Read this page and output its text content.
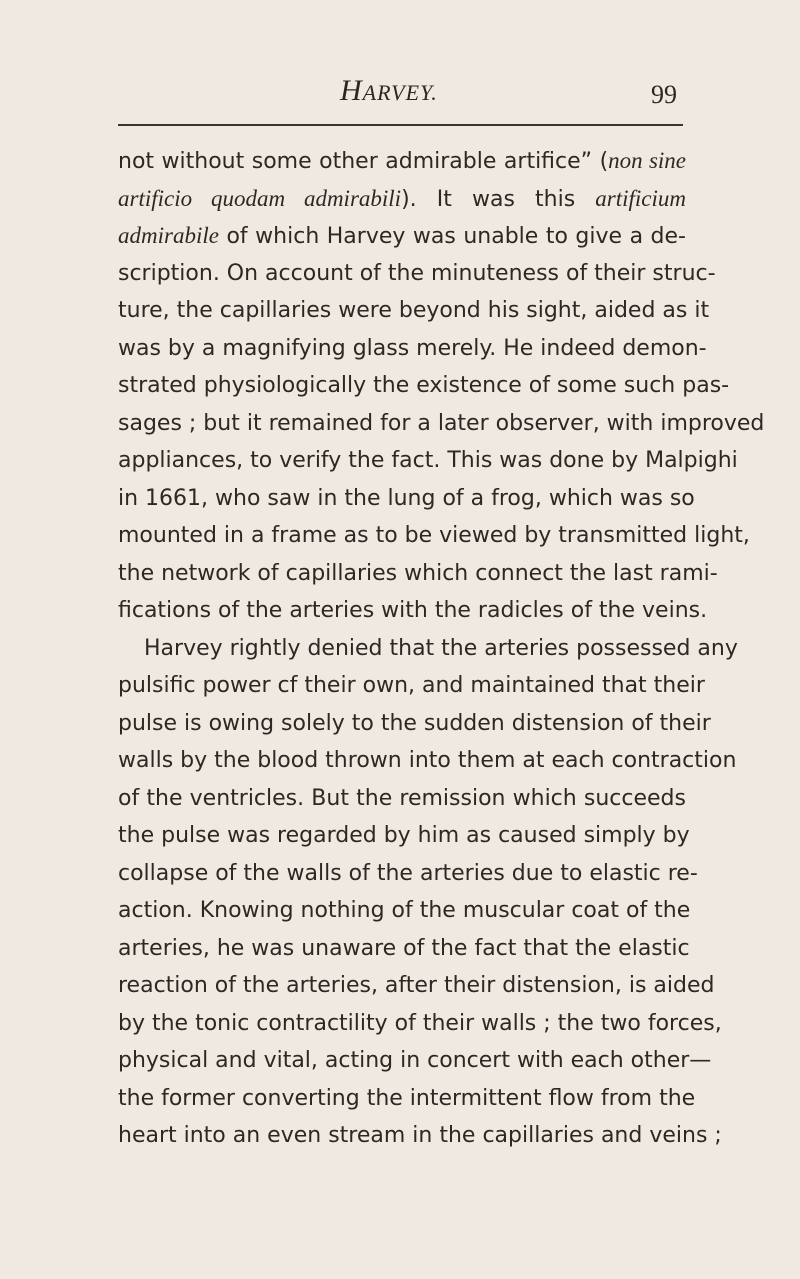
HARVEY.	99
not without some other admirable artifice” (non sine
artificio quodam admirabili). It was this artificium
admirabile of which Harvey was unable to give a de-
scription. On account of the minuteness of their struc-
ture, the capillaries were beyond his sight, aided as it
was by a magnifying glass merely. He indeed demon-
strated physiologically the existence of some such pas-
sages ; but it remained for a later observer, with improved
appliances, to verify the fact. This was done by Malpighi
in 1661, who saw in the lung of a frog, which was so
mounted in a frame as to be viewed by transmitted light,
the network of capillaries which connect the last rami-
fications of the arteries with the radicles of the veins.
Harvey rightly denied that the arteries possessed any
pulsific power cf their own, and maintained that their
pulse is owing solely to the sudden distension of their
walls by the blood thrown into them at each contraction
of the ventricles. But the remission which succeeds
the pulse was regarded by him as caused simply by
collapse of the walls of the arteries due to elastic re-
action. Knowing nothing of the muscular coat of the
arteries, he was unaware of the fact that the elastic
reaction of the arteries, after their distension, is aided
by the tonic contractility of their walls ; the two forces,
physical and vital, acting in concert with each other—
the former converting the intermittent flow from the
heart into an even stream in the capillaries and veins ;
